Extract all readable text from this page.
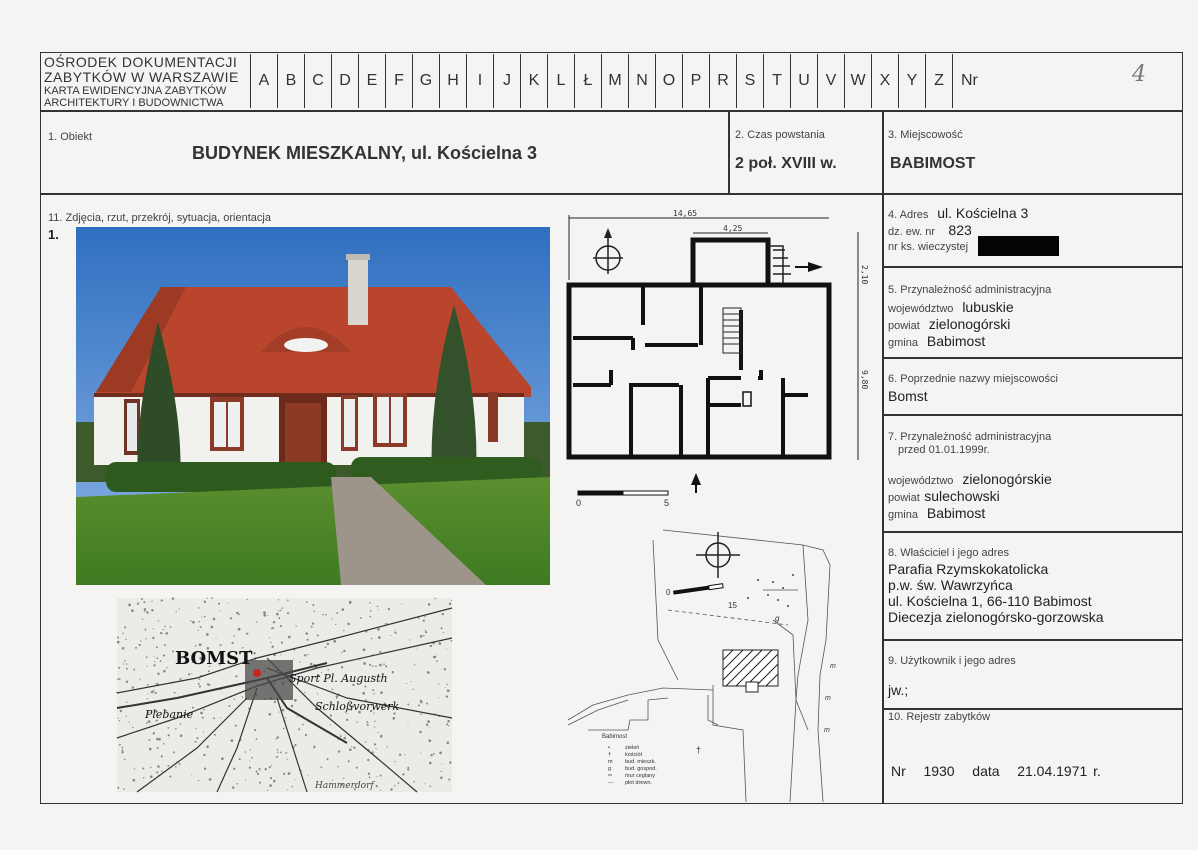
OŚRODEK DOKUMENTACJI
ZABYTKÓW W WARSZAWIE
KARTA EWIDENCYJNA ZABYTKÓW
ARCHITEKTURY I BUDOWNICTWA
A	B C D E	F G H	I	J	K	L	Ł M N O P R S	T	U V W X	Y	Z	Nr	4
1. Obiekt
BUDYNEK MIESZKALNY, ul. Kościelna 3
2. Czas powstania
2 poł. XVIII w.
3. Miejscowość
BABIMOST
11. Zdjęcia, rzut, przekrój, sytuacja, orientacja
1.
14,65
4,25
2,10
9,80
0	5
0
15
g
m
m
m
†
Babimost
•	zieleń
†	kościół
m bud. mieszk.
g	bud. gospod.
═ mur ceglany
--- płot drewn.
BOMST
Plebanie
Sport Pl. Augusth
Schloßvorwerk
Hammerdorf
4. Adres ul. Kościelna 3
dz. ew. nr 823
nr ks. wieczystej
5. Przynależność administracyjna
województwo lubuskie
powiat zielonogórski
gmina Babimost
6. Poprzednie nazwy miejscowości
Bomst
7. Przynależność administracyjna
przed 01.01.1999r.
województwo zielonogórskie
powiat sulechowski
gmina Babimost
8. Właściciel i jego adres
Parafia Rzymskokatolicka
p.w. św. Wawrzyńca
ul. Kościelna 1, 66-110 Babimost
Diecezja zielonogórsko-gorzowska
9. Użytkownik i jego adres
jw.;
10. Rejestr zabytków
Nr 1930 data 21.04.1971 r.
